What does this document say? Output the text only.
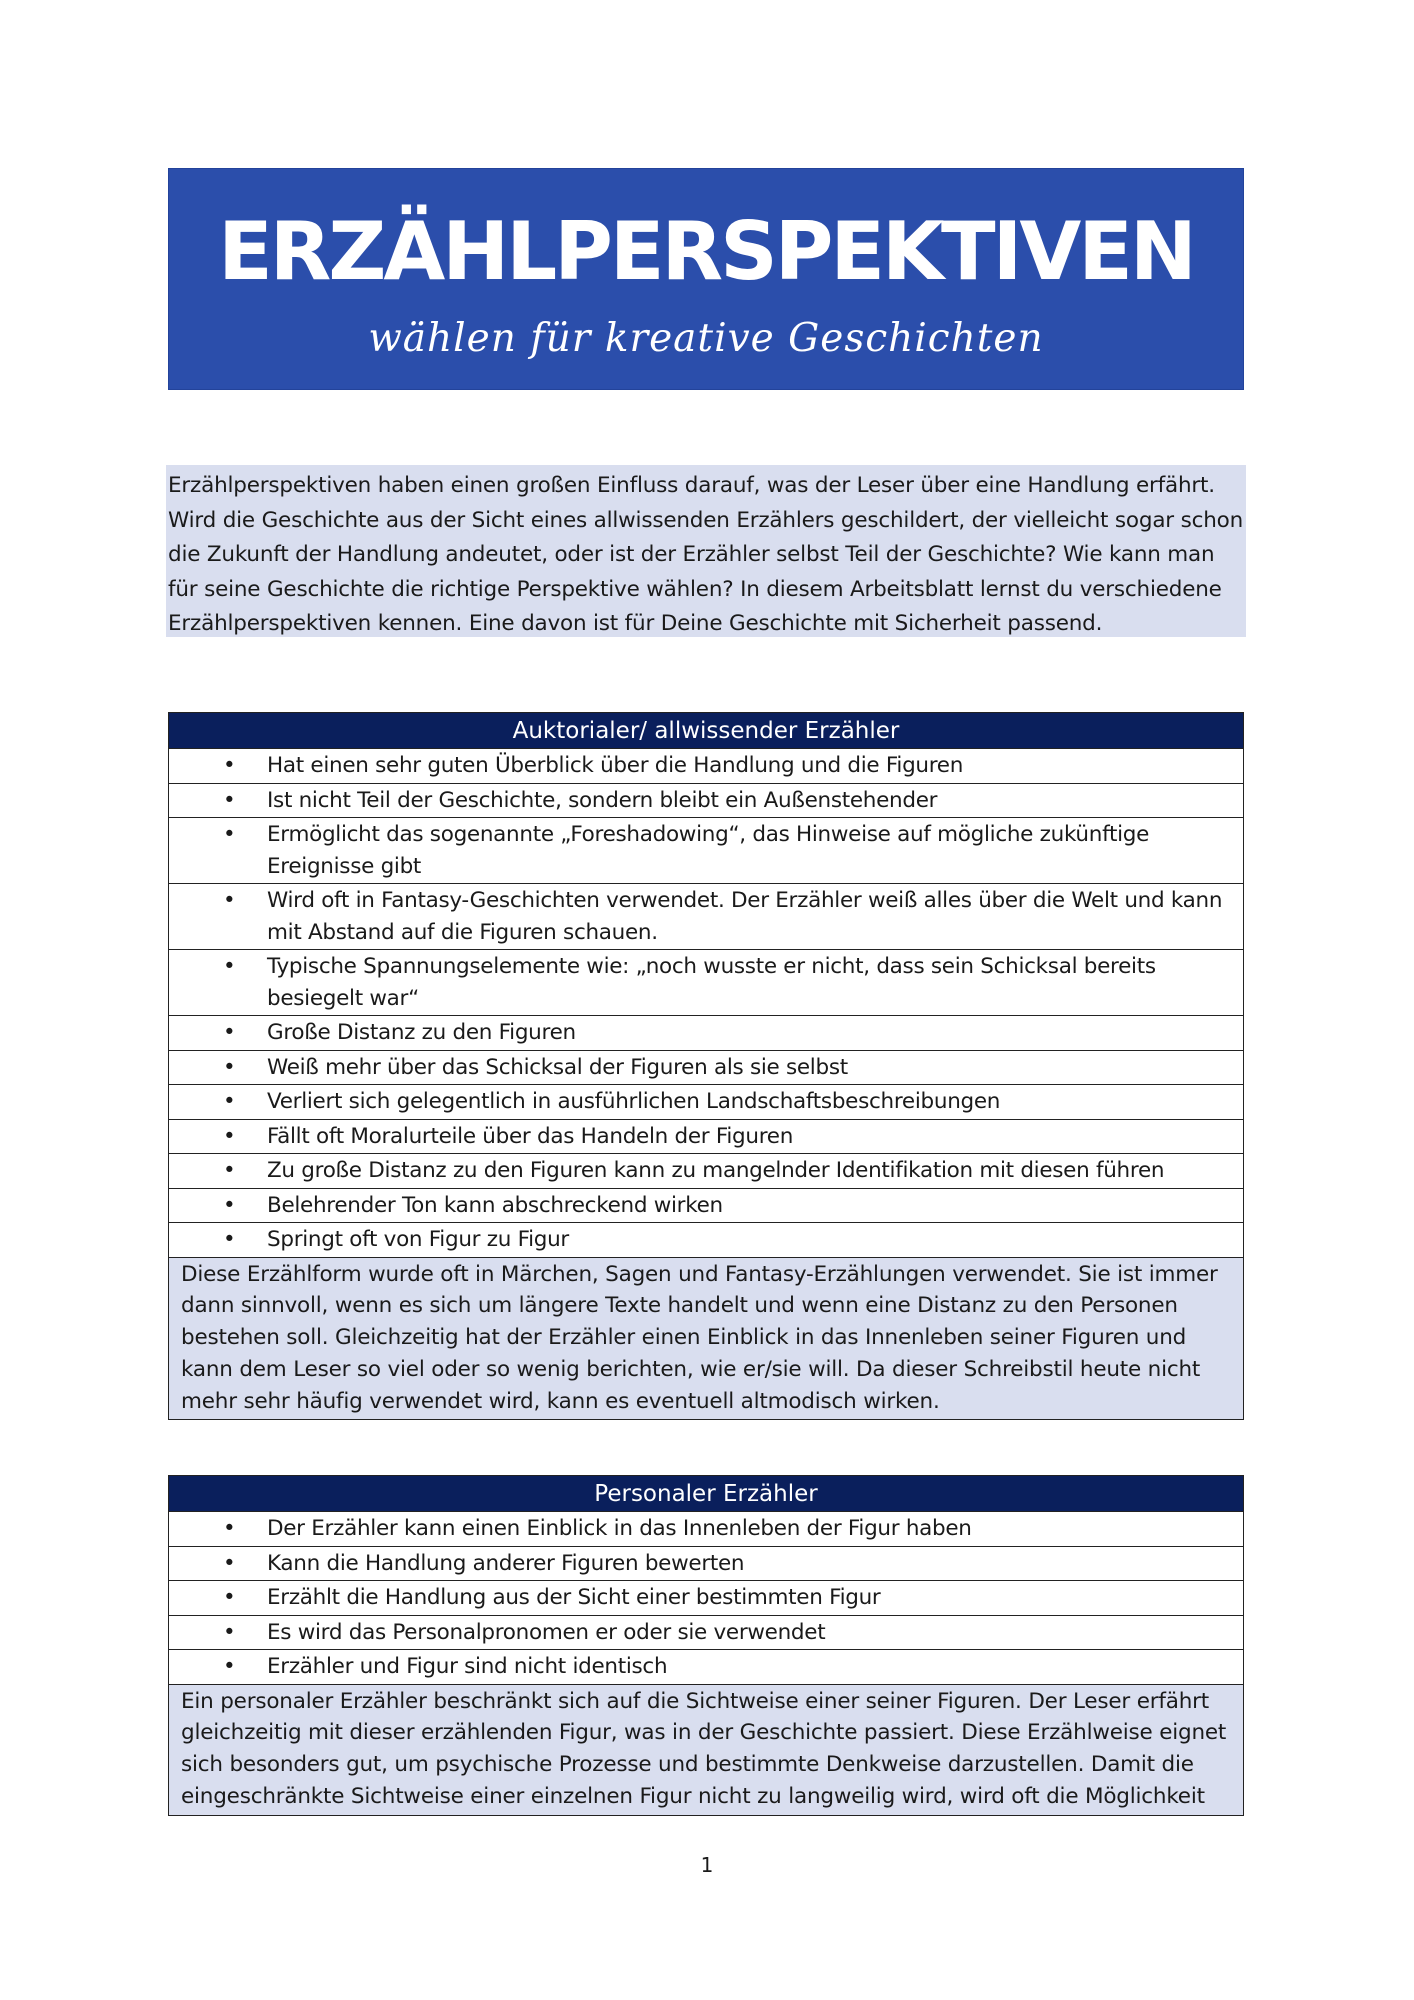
ERZÄHLPERSPEKTIVEN
wählen für kreative Geschichten
Erzählperspektiven haben einen großen Einfluss darauf, was der Leser über eine Handlung erfährt. Wird die Geschichte aus der Sicht eines allwissenden Erzählers geschildert, der vielleicht sogar schon die Zukunft der Handlung andeutet, oder ist der Erzähler selbst Teil der Geschichte? Wie kann man für seine Geschichte die richtige Perspektive wählen? In diesem Arbeitsblatt lernst du verschiedene Erzählperspektiven kennen. Eine davon ist für Deine Geschichte mit Sicherheit passend.
Auktorialer/ allwissender Erzähler
• Hat einen sehr guten Überblick über die Handlung und die Figuren
• Ist nicht Teil der Geschichte, sondern bleibt ein Außenstehender
• Ermöglicht das sogenannte „Foreshadowing“, das Hinweise auf mögliche zukünftige Ereignisse gibt
• Wird oft in Fantasy-Geschichten verwendet. Der Erzähler weiß alles über die Welt und kann mit Abstand auf die Figuren schauen.
• Typische Spannungselemente wie: „noch wusste er nicht, dass sein Schicksal bereits besiegelt war“
• Große Distanz zu den Figuren
• Weiß mehr über das Schicksal der Figuren als sie selbst
• Verliert sich gelegentlich in ausführlichen Landschaftsbeschreibungen
• Fällt oft Moralurteile über das Handeln der Figuren
• Zu große Distanz zu den Figuren kann zu mangelnder Identifikation mit diesen führen
• Belehrender Ton kann abschreckend wirken
• Springt oft von Figur zu Figur
Diese Erzählform wurde oft in Märchen, Sagen und Fantasy-Erzählungen verwendet. Sie ist immer dann sinnvoll, wenn es sich um längere Texte handelt und wenn eine Distanz zu den Personen bestehen soll. Gleichzeitig hat der Erzähler einen Einblick in das Innenleben seiner Figuren und kann dem Leser so viel oder so wenig berichten, wie er/sie will. Da dieser Schreibstil heute nicht mehr sehr häufig verwendet wird, kann es eventuell altmodisch wirken.
Personaler Erzähler
• Der Erzähler kann einen Einblick in das Innenleben der Figur haben
• Kann die Handlung anderer Figuren bewerten
• Erzählt die Handlung aus der Sicht einer bestimmten Figur
• Es wird das Personalpronomen er oder sie verwendet
• Erzähler und Figur sind nicht identisch
Ein personaler Erzähler beschränkt sich auf die Sichtweise einer seiner Figuren. Der Leser erfährt gleichzeitig mit dieser erzählenden Figur, was in der Geschichte passiert. Diese Erzählweise eignet sich besonders gut, um psychische Prozesse und bestimmte Denkweise darzustellen. Damit die eingeschränkte Sichtweise einer einzelnen Figur nicht zu langweilig wird, wird oft die Möglichkeit
1
